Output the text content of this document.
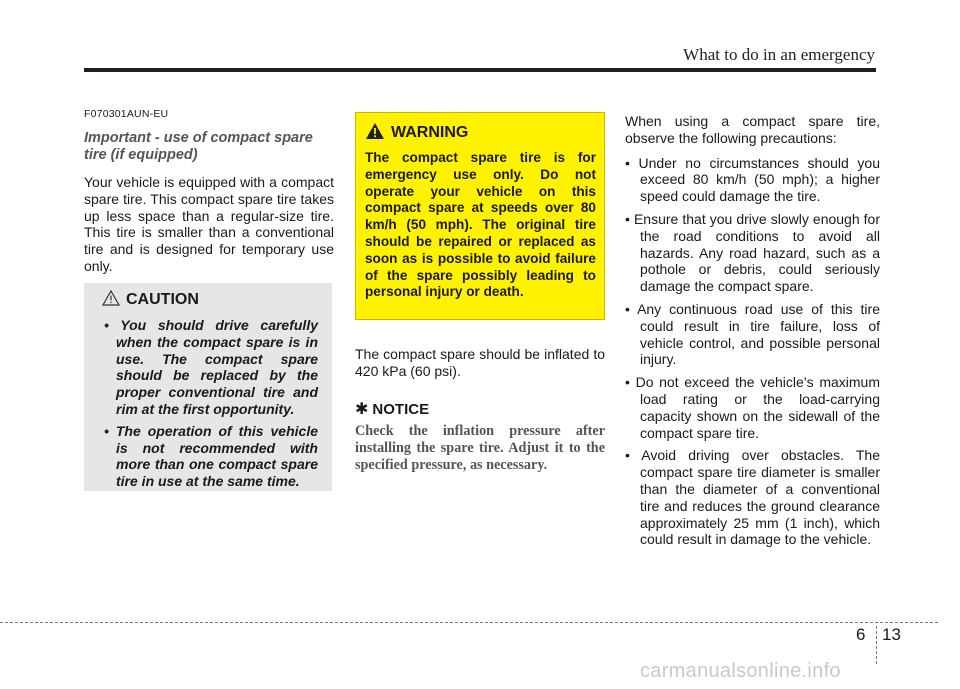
What to do in an emergency

F070301AUN-EU

Important - use of compact spare
tire (if equipped)

Your vehicle is equipped with a compact spare tire. This compact spare tire takes up less space than a regular-size tire. This tire is smaller than a conventional tire and is designed for temporary use only.

CAUTION
• You should drive carefully when the compact spare is in use. The compact spare should be replaced by the proper conventional tire and rim at the first opportunity.
• The operation of this vehicle is not recommended with more than one compact spare tire in use at the same time.
WARNING

The compact spare tire is for emergency use only. Do not operate your vehicle on this compact spare at speeds over 80 km/h (50 mph). The original tire should be repaired or replaced as soon as is possible to avoid failure of the spare possibly leading to personal injury or death.

The compact spare should be inflated to 420 kPa (60 psi).

✱ NOTICE

Check the inflation pressure after installing the spare tire. Adjust it to the specified pressure, as necessary.

When using a compact spare tire, observe the following precautions:

• Under no circumstances should you exceed 80 km/h (50 mph); a higher speed could damage the tire.
• Ensure that you drive slowly enough for the road conditions to avoid all hazards. Any road hazard, such as a pothole or debris, could seriously damage the compact spare.
• Any continuous road use of this tire could result in tire failure, loss of vehicle control, and possible personal injury.
• Do not exceed the vehicle’s maximum load rating or the load-carrying capacity shown on the sidewall of the compact spare tire.
• Avoid driving over obstacles. The compact spare tire diameter is smaller than the diameter of a conventional tire and reduces the ground clearance approximately 25 mm (1 inch), which could result in damage to the vehicle.
6 13
carmanualsonline.info
